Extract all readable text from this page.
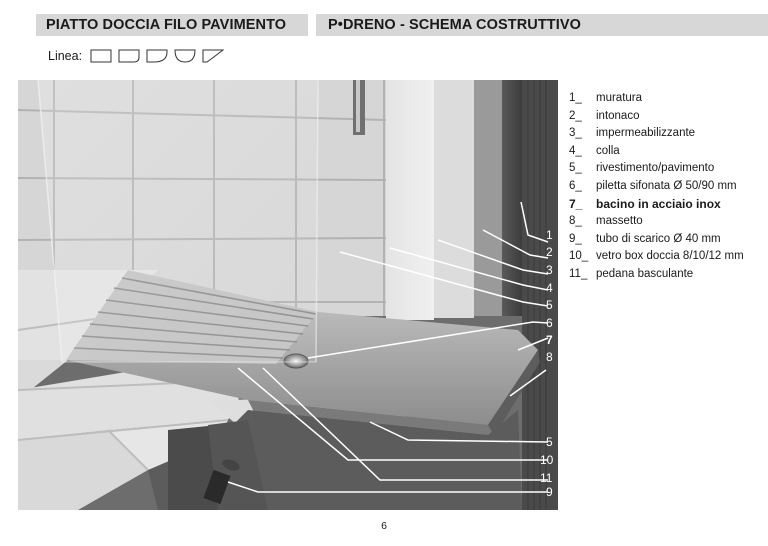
PIATTO DOCCIA FILO PAVIMENTO	P•DRENO - SCHEMA COSTRUTTIVO
Linea:
1
2
3
4
5
6
7
8
5
10
11
9
1_	muratura
2_	intonaco
3_	impermeabilizzante
4_	colla
5_	rivestimento/pavimento
6_	piletta sifonata Ø 50/90 mm
7_	bacino in acciaio inox
8_	massetto
9_	tubo di scarico Ø 40 mm
10_ vetro box doccia 8/10/12 mm
11_ pedana basculante
6
